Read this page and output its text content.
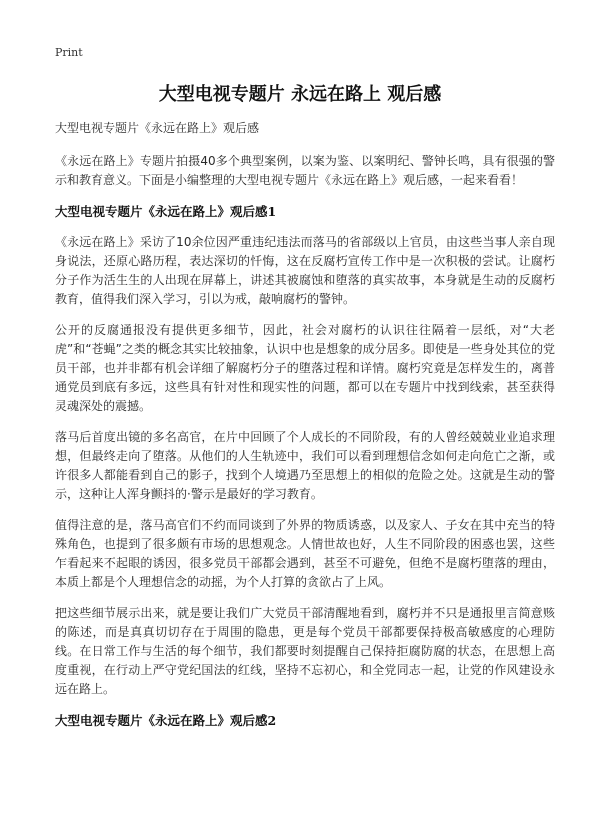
Print
大型电视专题片 永远在路上 观后感

大型电视专题片《永远在路上》观后感

《永远在路上》专题片拍摄40多个典型案例，以案为鉴、以案明纪、警钟长鸣，具有很强的警示和教育意义。下面是小编整理的大型电视专题片《永远在路上》观后感，一起来看看！

大型电视专题片《永远在路上》观后感1

《永远在路上》采访了10余位因严重违纪违法而落马的省部级以上官员，由这些当事人亲自现身说法，还原心路历程，表达深切的忏悔，这在反腐朽宣传工作中是一次积极的尝试。让腐朽分子作为活生生的人出现在屏幕上，讲述其被腐蚀和堕落的真实故事，本身就是生动的反腐朽教育，值得我们深入学习，引以为戒，敲响腐朽的警钟。

公开的反腐通报没有提供更多细节，因此，社会对腐朽的认识往往隔着一层纸，对“大老虎”和“苍蝇”之类的概念其实比较抽象，认识中也是想象的成分居多。即使是一些身处其位的党员干部，也并非都有机会详细了解腐朽分子的堕落过程和详情。腐朽究竟是怎样发生的，离普通党员到底有多远，这些具有针对性和现实性的问题，都可以在专题片中找到线索，甚至获得灵魂深处的震撼。

落马后首度出镜的多名高官，在片中回顾了个人成长的不同阶段，有的人曾经兢兢业业追求理想，但最终走向了堕落。从他们的人生轨迹中，我们可以看到理想信念如何走向危亡之渐，或许很多人都能看到自己的影子，找到个人境遇乃至思想上的相似的危险之处。这就是生动的警示，这种让人浑身颤抖的·警示是最好的学习教育。

值得注意的是，落马高官们不约而同谈到了外界的物质诱惑，以及家人、子女在其中充当的特殊角色，也提到了很多颇有市场的思想观念。人情世故也好，人生不同阶段的困惑也罢，这些乍看起来不起眼的诱因，很多党员干部都会遇到，甚至不可避免，但绝不是腐朽堕落的理由，本质上都是个人理想信念的动摇，为个人打算的贪欲占了上风。

把这些细节展示出来，就是要让我们广大党员干部清醒地看到，腐朽并不只是通报里言简意赅的陈述，而是真真切切存在于周围的隐患，更是每个党员干部都要保持极高敏感度的心理防线。在日常工作与生活的每个细节，我们都要时刻提醒自己保持拒腐防腐的状态，在思想上高度重视，在行动上严守党纪国法的红线，坚持不忘初心，和全党同志一起，让党的作风建设永远在路上。

大型电视专题片《永远在路上》观后感2
